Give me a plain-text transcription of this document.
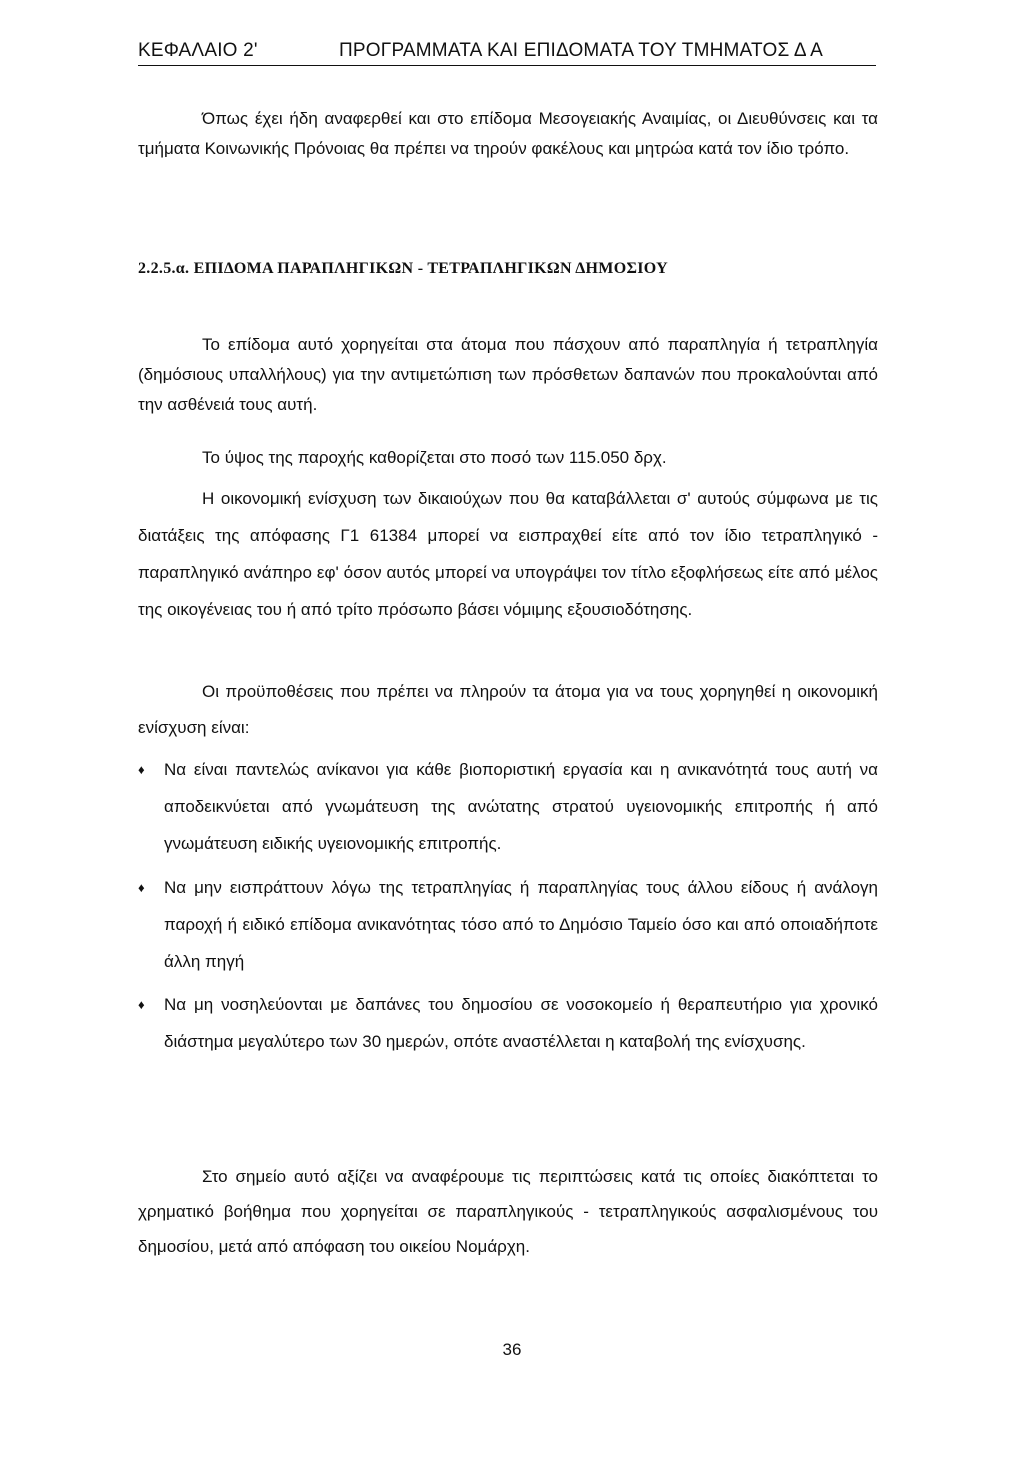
ΚΕΦΑΛΑΙΟ 2'	ΠΡΟΓΡΑΜΜΑΤΑ ΚΑΙ ΕΠΙΔΟΜΑΤΑ ΤΟΥ ΤΜΗΜΑΤΟΣ Δ Α

Όπως έχει ήδη αναφερθεί και στο επίδομα Μεσογειακής Αναιμίας, οι Διευθύνσεις και τα τμήματα Κοινωνικής Πρόνοιας θα πρέπει να τηρούν φακέλους και μητρώα κατά τον ίδιο τρόπο.

2.2.5.α. ΕΠΙΔΟΜΑ ΠΑΡΑΠΛΗΓΙΚΩΝ - ΤΕΤΡΑΠΛΗΓΙΚΩΝ ΔΗΜΟΣΙΟΥ

Το επίδομα αυτό χορηγείται στα άτομα που πάσχουν από παραπληγία ή τετραπληγία (δημόσιους υπαλλήλους) για την αντιμετώπιση των πρόσθετων δαπανών που προκαλούνται από την ασθένειά τους αυτή.

Το ύψος της παροχής καθορίζεται στο ποσό των 115.050 δρχ.

Η οικονομική ενίσχυση των δικαιούχων που θα καταβάλλεται σ' αυτούς σύμφωνα με τις διατάξεις της απόφασης Γ1 61384 μπορεί να εισπραχθεί είτε από τον ίδιο τετραπληγικό - παραπληγικό ανάπηρο εφ' όσον αυτός μπορεί να υπογράψει τον τίτλο εξοφλήσεως είτε από μέλος της οικογένειας του ή από τρίτο πρόσωπο βάσει νόμιμης εξουσιοδότησης.

Οι προϋποθέσεις που πρέπει να πληρούν τα άτομα για να τους χορηγηθεί η οικονομική ενίσχυση είναι:

♦ Να είναι παντελώς ανίκανοι για κάθε βιοποριστική εργασία και η ανικανότητά τους αυτή να αποδεικνύεται από γνωμάτευση της ανώτατης στρατού υγειονομικής επιτροπής ή από γνωμάτευση ειδικής υγειονομικής επιτροπής.
♦ Να μην εισπράττουν λόγω της τετραπληγίας ή παραπληγίας τους άλλου είδους ή ανάλογη παροχή ή ειδικό επίδομα ανικανότητας τόσο από το Δημόσιο Ταμείο όσο και από οποιαδήποτε άλλη πηγή
♦ Να μη νοσηλεύονται με δαπάνες του δημοσίου σε νοσοκομείο ή θεραπευτήριο για χρονικό διάστημα μεγαλύτερο των 30 ημερών, οπότε αναστέλλεται η καταβολή της ενίσχυσης.

Στο σημείο αυτό αξίζει να αναφέρουμε τις περιπτώσεις κατά τις οποίες διακόπτεται το χρηματικό βοήθημα που χορηγείται σε παραπληγικούς - τετραπληγικούς ασφαλισμένους του δημοσίου, μετά από απόφαση του οικείου Νομάρχη.

36
